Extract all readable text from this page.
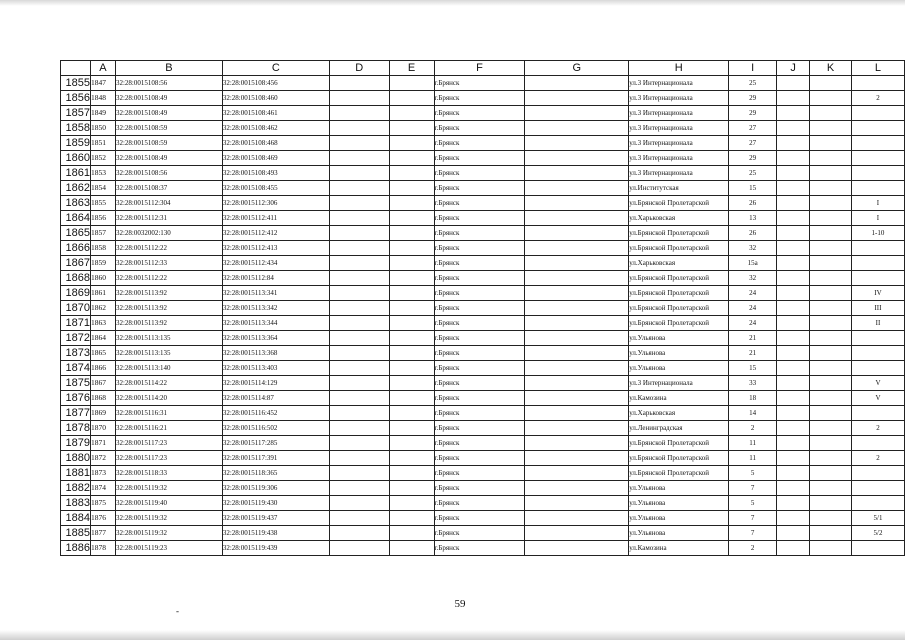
	A	B	C	D	E	F	G	H	I	J	K	L
1855	1847	32:28:0015108:56	32:28:0015108:456			г.Брянск		ул.3 Интернационала	25			
1856	1848	32:28:0015108:49	32:28:0015108:460			г.Брянск		ул.3 Интернационала	29			2
1857	1849	32:28:0015108:49	32:28:0015108:461			г.Брянск		ул.3 Интернационала	29			
1858	1850	32:28:0015108:59	32:28:0015108:462			г.Брянск		ул.3 Интернационала	27			
1859	1851	32:28:0015108:59	32:28:0015108:468			г.Брянск		ул.3 Интернационала	27			
1860	1852	32:28:0015108:49	32:28:0015108:469			г.Брянск		ул.3 Интернационала	29			
1861	1853	32:28:0015108:56	32:28:0015108:493			г.Брянск		ул.3 Интернационала	25			
1862	1854	32:28:0015108:37	32:28:0015108:455			г.Брянск		ул.Институтская	15			
1863	1855	32:28:0015112:304	32:28:0015112:306			г.Брянск		ул.Брянской Пролетарской	26			I
1864	1856	32:28:0015112:31	32:28:0015112:411			г.Брянск		ул.Харьковская	13			I
1865	1857	32:28:0032002:130	32:28:0015112:412			г.Брянск		ул.Брянской Пролетарской	26			1-10
1866	1858	32:28:0015112:22	32:28:0015112:413			г.Брянск		ул.Брянской Пролетарской	32			
1867	1859	32:28:0015112:33	32:28:0015112:434			г.Брянск		ул.Харьковская	15а			
1868	1860	32:28:0015112:22	32:28:0015112:84			г.Брянск		ул.Брянской Пролетарской	32			
1869	1861	32:28:0015113:92	32:28:0015113:341			г.Брянск		ул.Брянской Пролетарской	24			IV
1870	1862	32:28:0015113:92	32:28:0015113:342			г.Брянск		ул.Брянской Пролетарской	24			III
1871	1863	32:28:0015113:92	32:28:0015113:344			г.Брянск		ул.Брянской Пролетарской	24			II
1872	1864	32:28:0015113:135	32:28:0015113:364			г.Брянск		ул.Ульянова	21			
1873	1865	32:28:0015113:135	32:28:0015113:368			г.Брянск		ул.Ульянова	21			
1874	1866	32:28:0015113:140	32:28:0015113:403			г.Брянск		ул.Ульянова	15			
1875	1867	32:28:0015114:22	32:28:0015114:129			г.Брянск		ул.3 Интернационала	33			V
1876	1868	32:28:0015114:20	32:28:0015114:87			г.Брянск		ул.Камозина	18			V
1877	1869	32:28:0015116:31	32:28:0015116:452			г.Брянск		ул.Харьковская	14			
1878	1870	32:28:0015116:21	32:28:0015116:502			г.Брянск		ул.Ленинградская	2			2
1879	1871	32:28:0015117:23	32:28:0015117:285			г.Брянск		ул.Брянской Пролетарской	11			
1880	1872	32:28:0015117:23	32:28:0015117:391			г.Брянск		ул.Брянской Пролетарской	11			2
1881	1873	32:28:0015118:33	32:28:0015118:365			г.Брянск		ул.Брянской Пролетарской	5			
1882	1874	32:28:0015119:32	32:28:0015119:306			г.Брянск		ул.Ульянова	7			
1883	1875	32:28:0015119:40	32:28:0015119:430			г.Брянск		ул.Ульянова	5			
1884	1876	32:28:0015119:32	32:28:0015119:437			г.Брянск		ул.Ульянова	7			5/1
1885	1877	32:28:0015119:32	32:28:0015119:438			г.Брянск		ул.Ульянова	7			5/2
1886	1878	32:28:0015119:23	32:28:0015119:439			г.Брянск		ул.Камозина	2			
-
59
